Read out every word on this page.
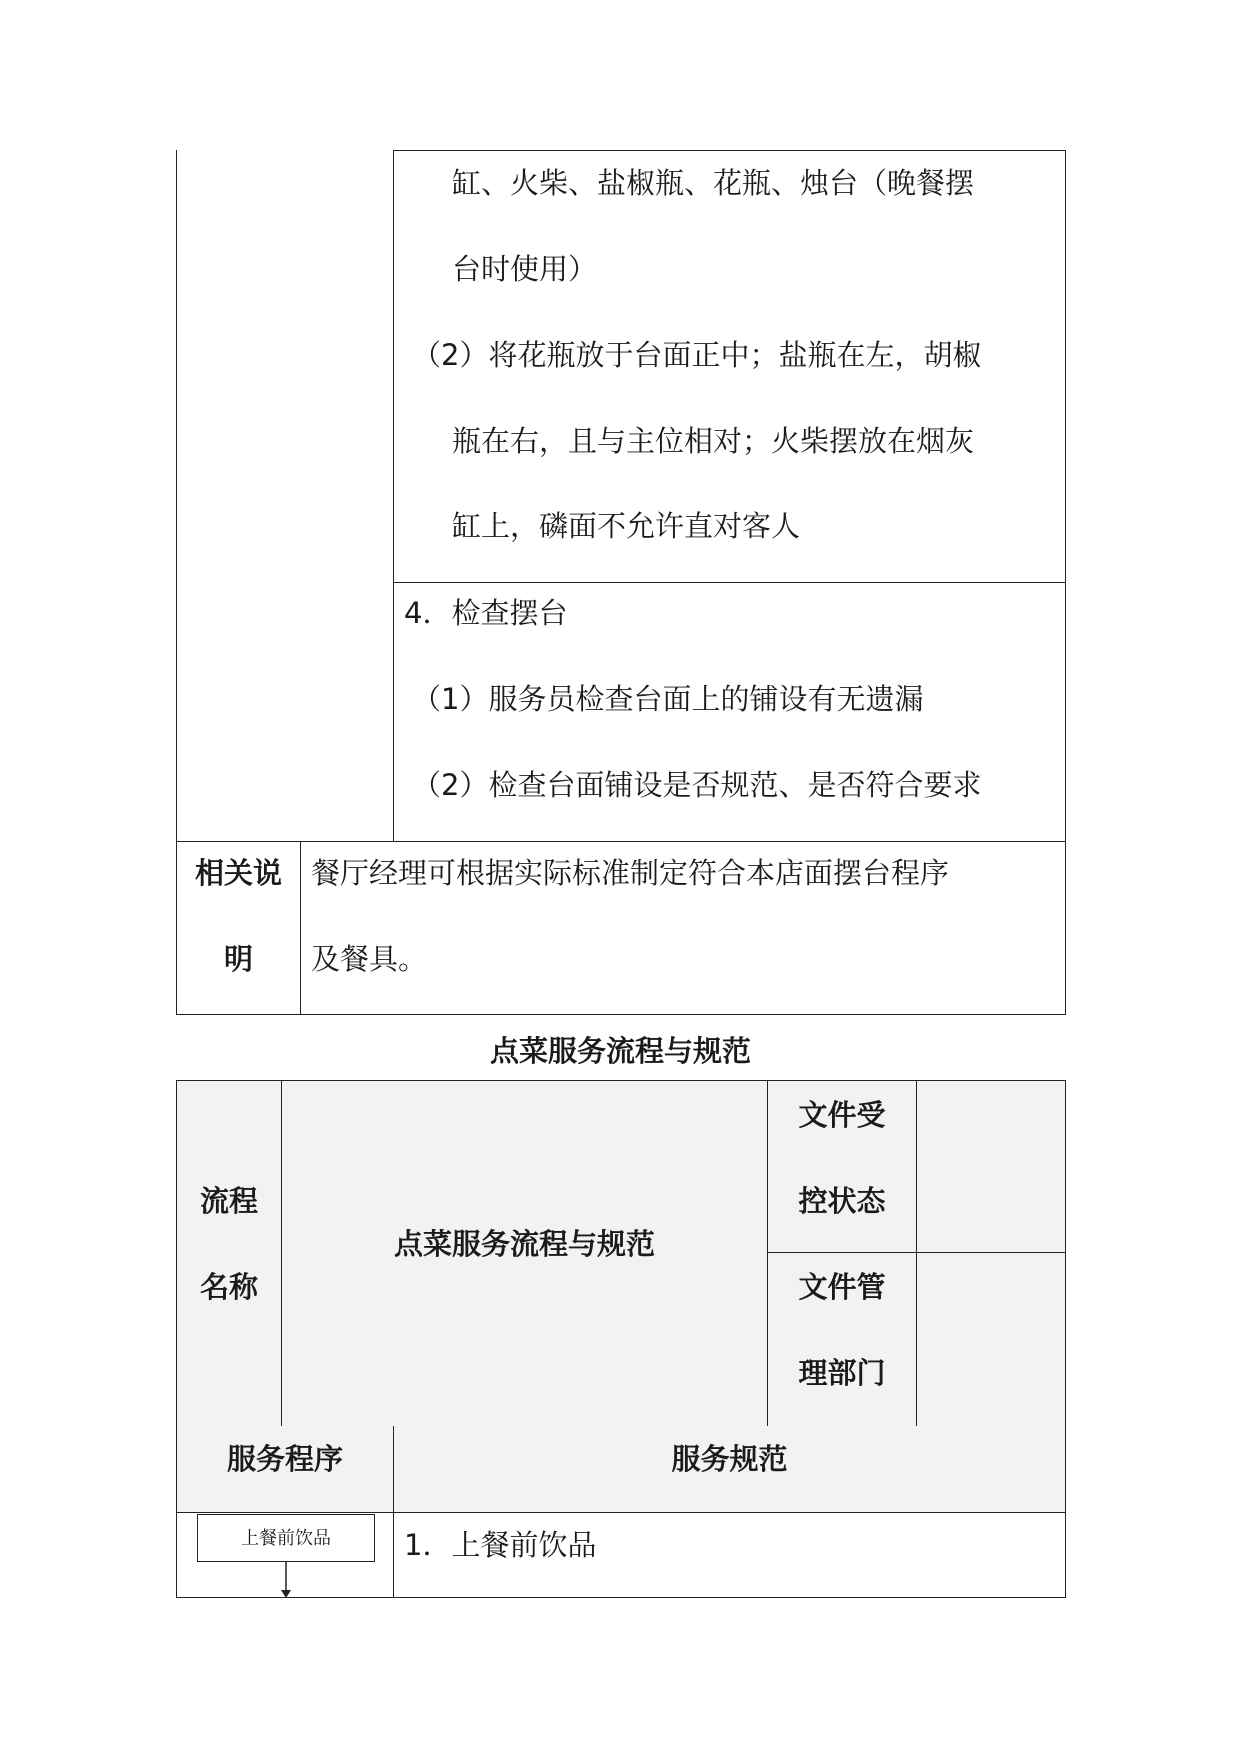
缸、火柴、盐椒瓶、花瓶、烛台（晚餐摆
台时使用）
（2）将花瓶放于台面正中；盐瓶在左，胡椒
瓶在右，且与主位相对；火柴摆放在烟灰
缸上，磷面不允许直对客人
4．检查摆台
（1）服务员检查台面上的铺设有无遗漏
（2）检查台面铺设是否规范、是否符合要求
相关说
明
餐厅经理可根据实际标准制定符合本店面摆台程序
及餐具。
点菜服务流程与规范
流程
名称
点菜服务流程与规范
文件受
控状态
文件管
理部门
服务程序	服务规范
上餐前饮品	1．上餐前饮品
